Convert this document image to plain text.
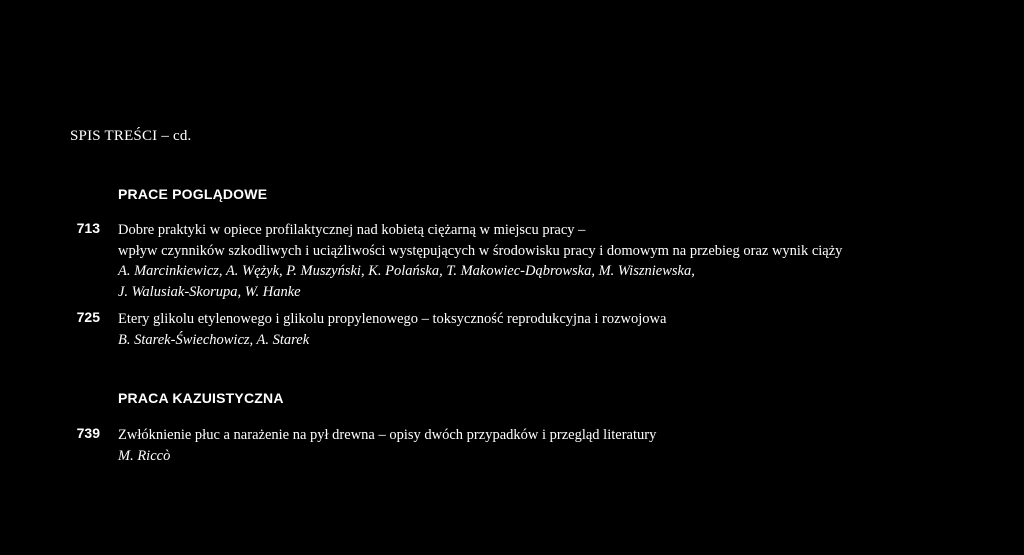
SPIS TREŚCI – cd.
PRACE POGLĄDOWE
713 Dobre praktyki w opiece profilaktycznej nad kobietą ciężarną w miejscu pracy –
wpływ czynników szkodliwych i uciążliwości występujących w środowisku pracy i domowym na przebieg oraz wynik ciąży
A. Marcinkiewicz, A. Wężyk, P. Muszyński, K. Polańska, T. Makowiec-Dąbrowska, M. Wiszniewska,
J. Walusiak-Skorupa, W. Hanke
725 Etery glikolu etylenowego i glikolu propylenowego – toksyczność reprodukcyjna i rozwojowa
B. Starek-Świechowicz, A. Starek
PRACA KAZUISTYCZNA
739 Zwłóknienie płuc a narażenie na pył drewna – opisy dwóch przypadków i przegląd literatury
M. Riccò
